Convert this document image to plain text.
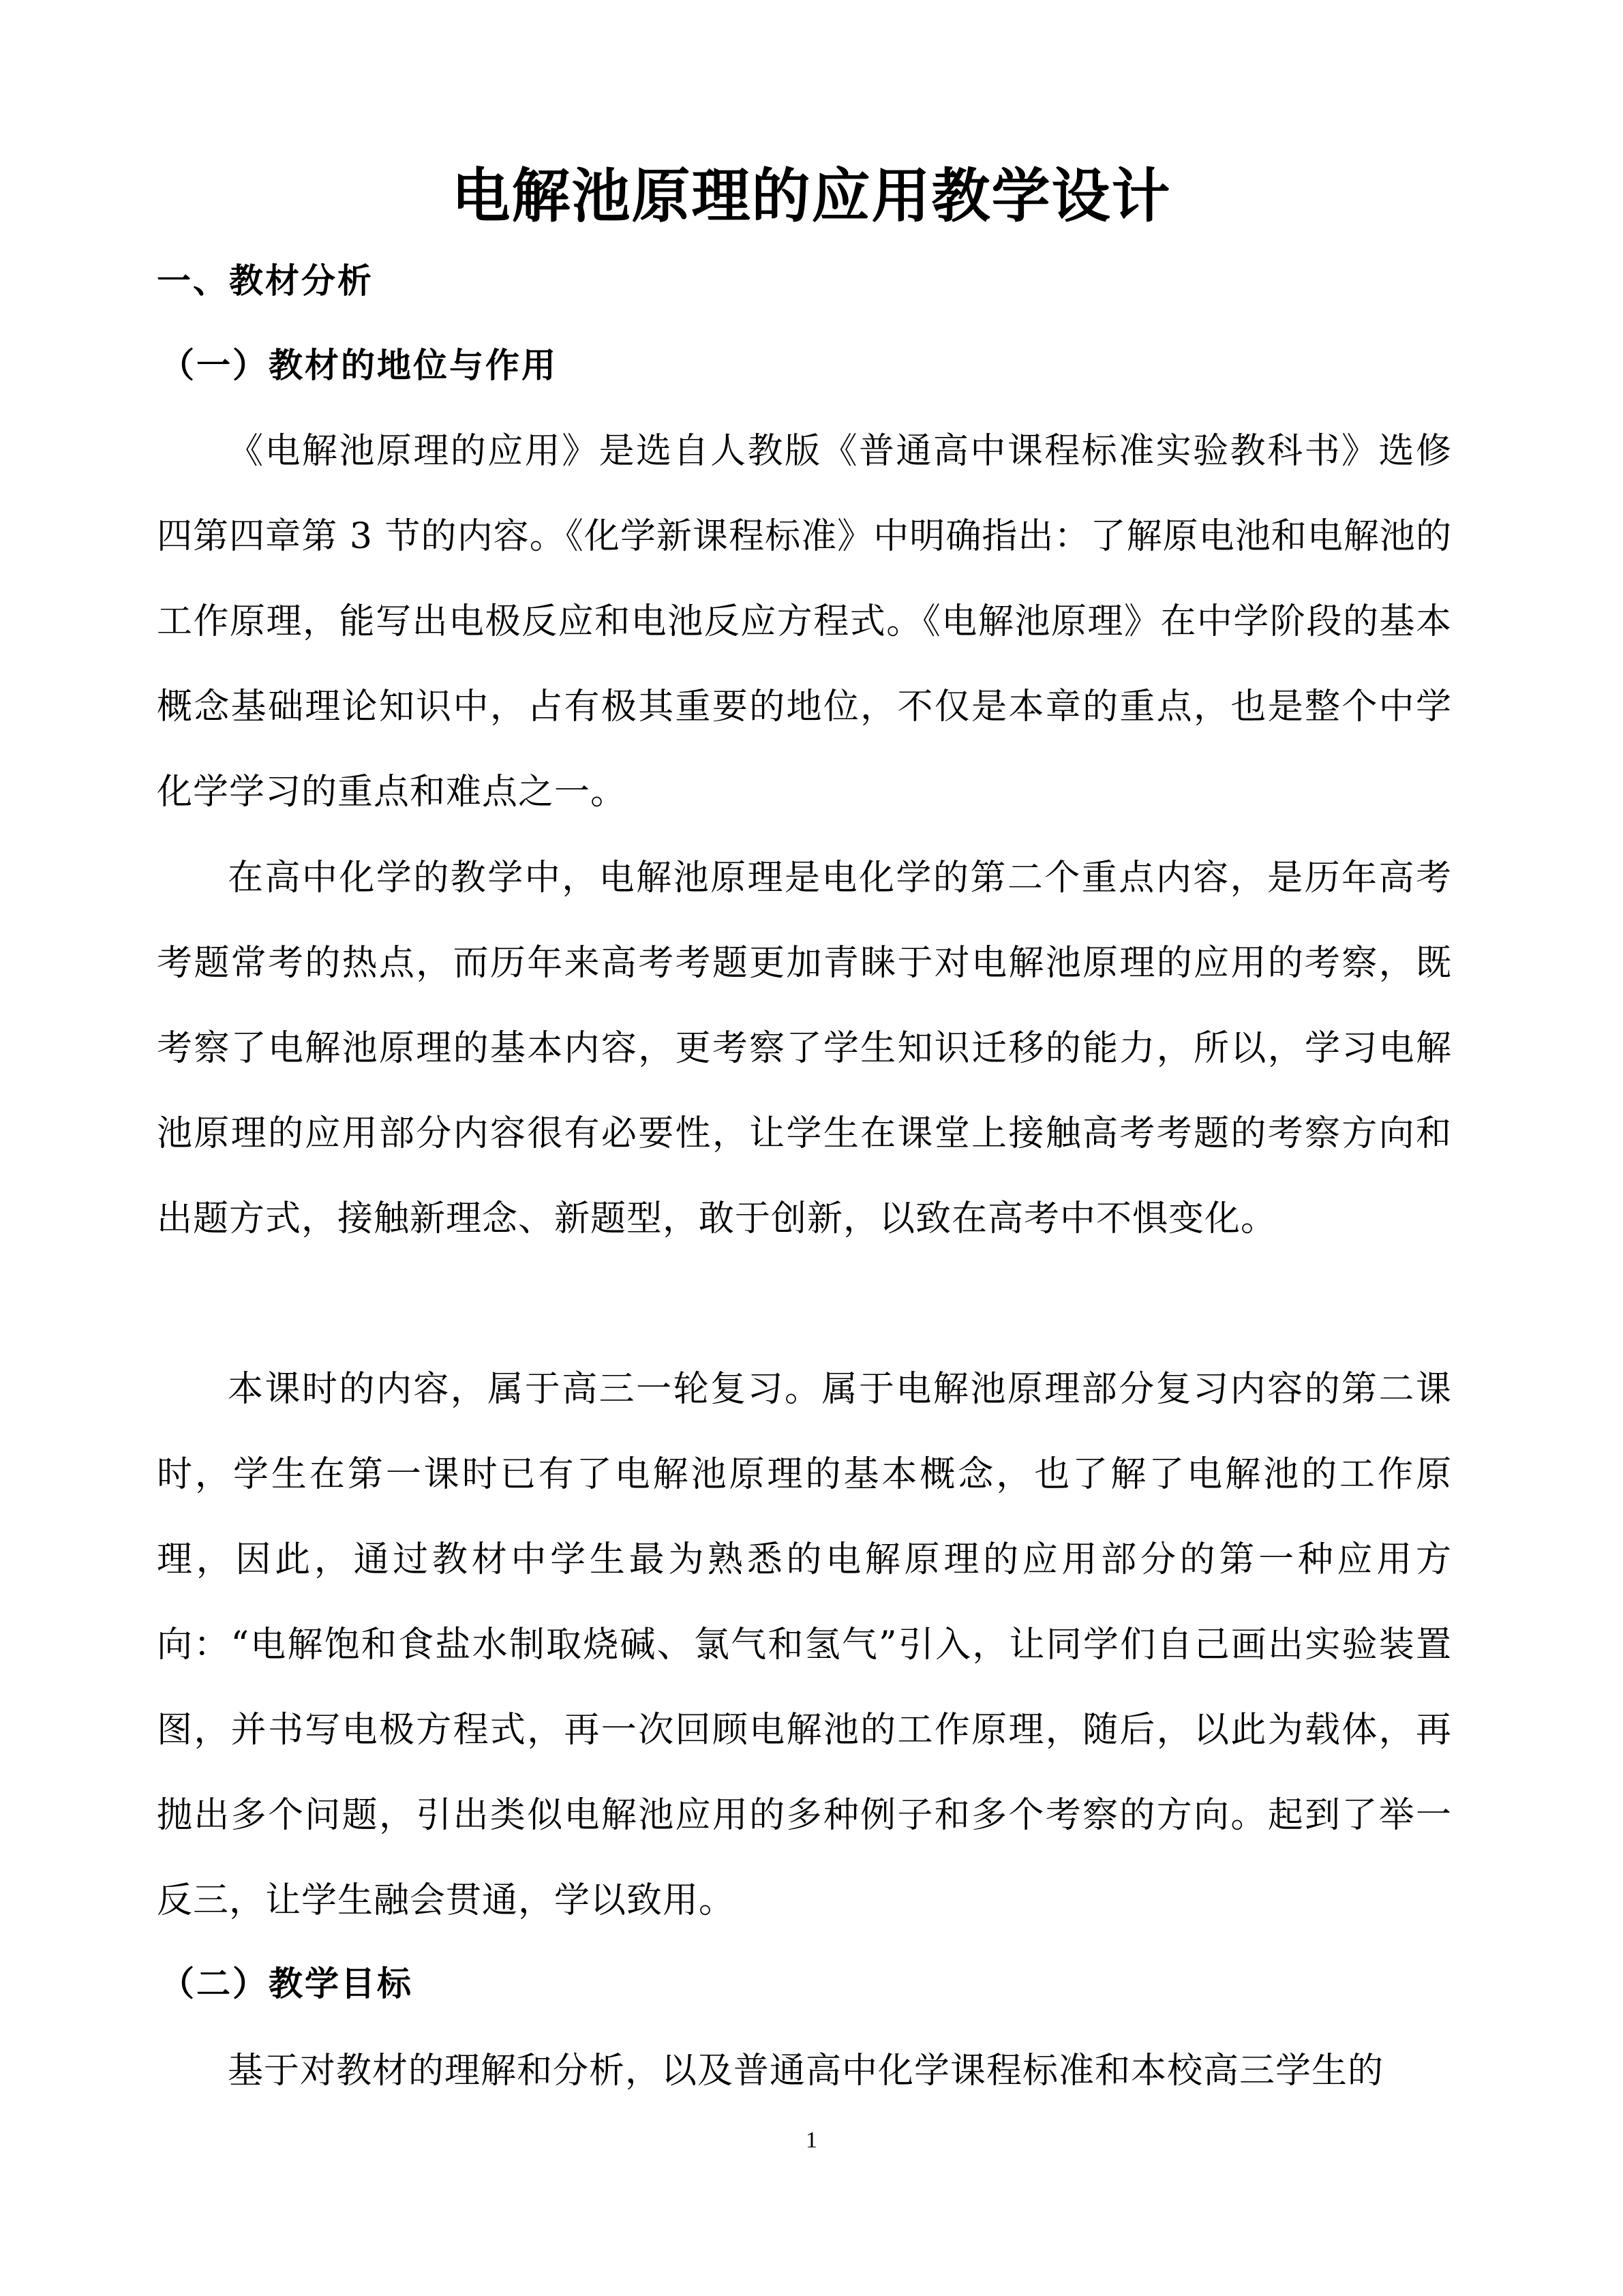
电解池原理的应用教学设计
一、教材分析
（一）教材的地位与作用
《电解池原理的应用》是选自人教版《普通高中课程标准实验教科书》选修四第四章第 3 节的内容。《化学新课程标准》中明确指出：了解原电池和电解池的工作原理，能写出电极反应和电池反应方程式。《电解池原理》在中学阶段的基本概念基础理论知识中，占有极其重要的地位，不仅是本章的重点，也是整个中学化学学习的重点和难点之一。
在高中化学的教学中，电解池原理是电化学的第二个重点内容，是历年高考考题常考的热点，而历年来高考考题更加青睐于对电解池原理的应用的考察，既考察了电解池原理的基本内容，更考察了学生知识迁移的能力，所以，学习电解池原理的应用部分内容很有必要性，让学生在课堂上接触高考考题的考察方向和出题方式，接触新理念、新题型，敢于创新，以致在高考中不惧变化。
本课时的内容，属于高三一轮复习。属于电解池原理部分复习内容的第二课时，学生在第一课时已有了电解池原理的基本概念，也了解了电解池的工作原理，因此，通过教材中学生最为熟悉的电解原理的应用部分的第一种应用方向：“电解饱和食盐水制取烧碱、氯气和氢气”引入，让同学们自己画出实验装置图，并书写电极方程式，再一次回顾电解池的工作原理，随后，以此为载体，再抛出多个问题，引出类似电解池应用的多种例子和多个考察的方向。起到了举一反三，让学生融会贯通，学以致用。
（二）教学目标
基于对教材的理解和分析，以及普通高中化学课程标准和本校高三学生的
1
